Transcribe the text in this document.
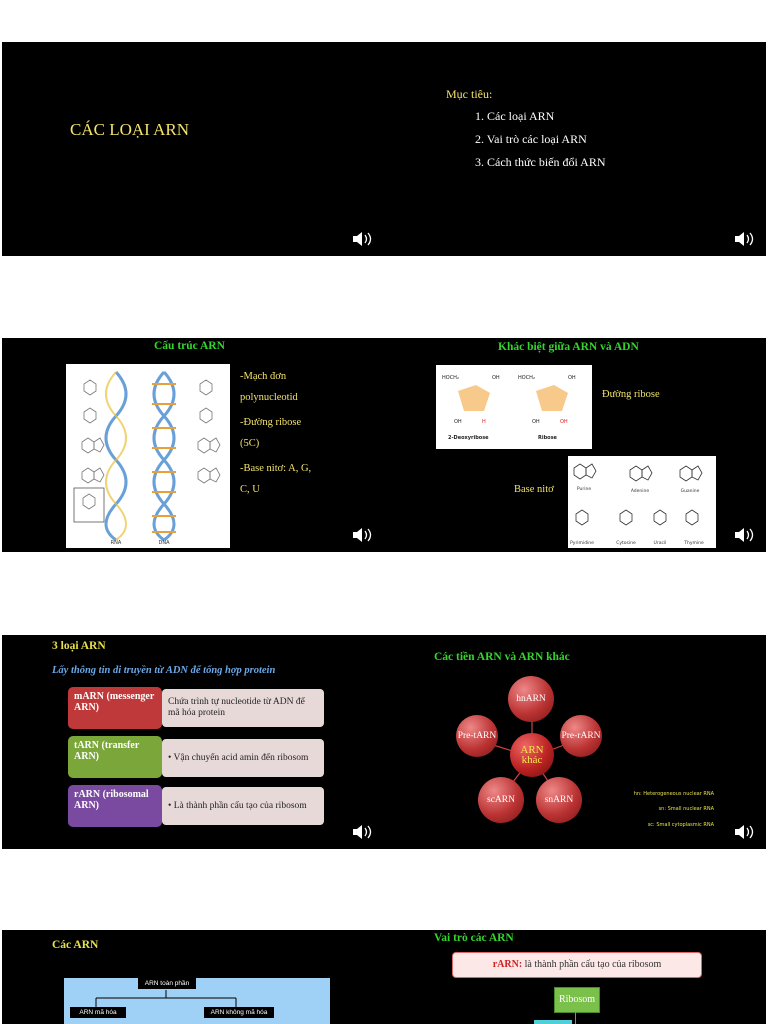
CÁC LOẠI ARN
Mục tiêu:
1. Các loại ARN
2. Vai trò các loại ARN
3. Cách thức biến đổi ARN
Cấu trúc ARN
RNA	DNA
-Mạch đơn polynucleotid
-Đường ribose (5C)
-Base nitơ: A, G, C, U
Khác biệt giữa ARN và ADN
HOCH₂	OH	HOCH₂	OH
OH	H	OH	OH
2-Deoxyribose	Ribose
Đường ribose
Purine	Adenine	Guanine
Pyrimidine	Cytosine	Uracil	Thymine
Base nitơ
3 loại ARN
Lấy thông tin di truyền từ ADN để tổng hợp protein
Chứa trình tự nucleotide từ ADN để mã hóa protein
mARN (messenger ARN)
• Vận chuyển acid amin đến ribosom
tARN (transfer ARN)
• Là thành phần cấu tạo của ribosom
rARN (ribosomal ARN)
Các tiền ARN và ARN khác
hnARN
Pre-rARN
snARN
scARN
Pre-tARN
ARN khác
hn: Heterogeneous nuclear RNA
sn: Small nuclear RNA
sc: Small cytoplasmic RNA
Các ARN
ARN toàn phần
ARN mã hóa	ARN không mã hóa
Vai trò các ARN
rARN: là thành phần cấu tạo của ribosom
Ribosom
